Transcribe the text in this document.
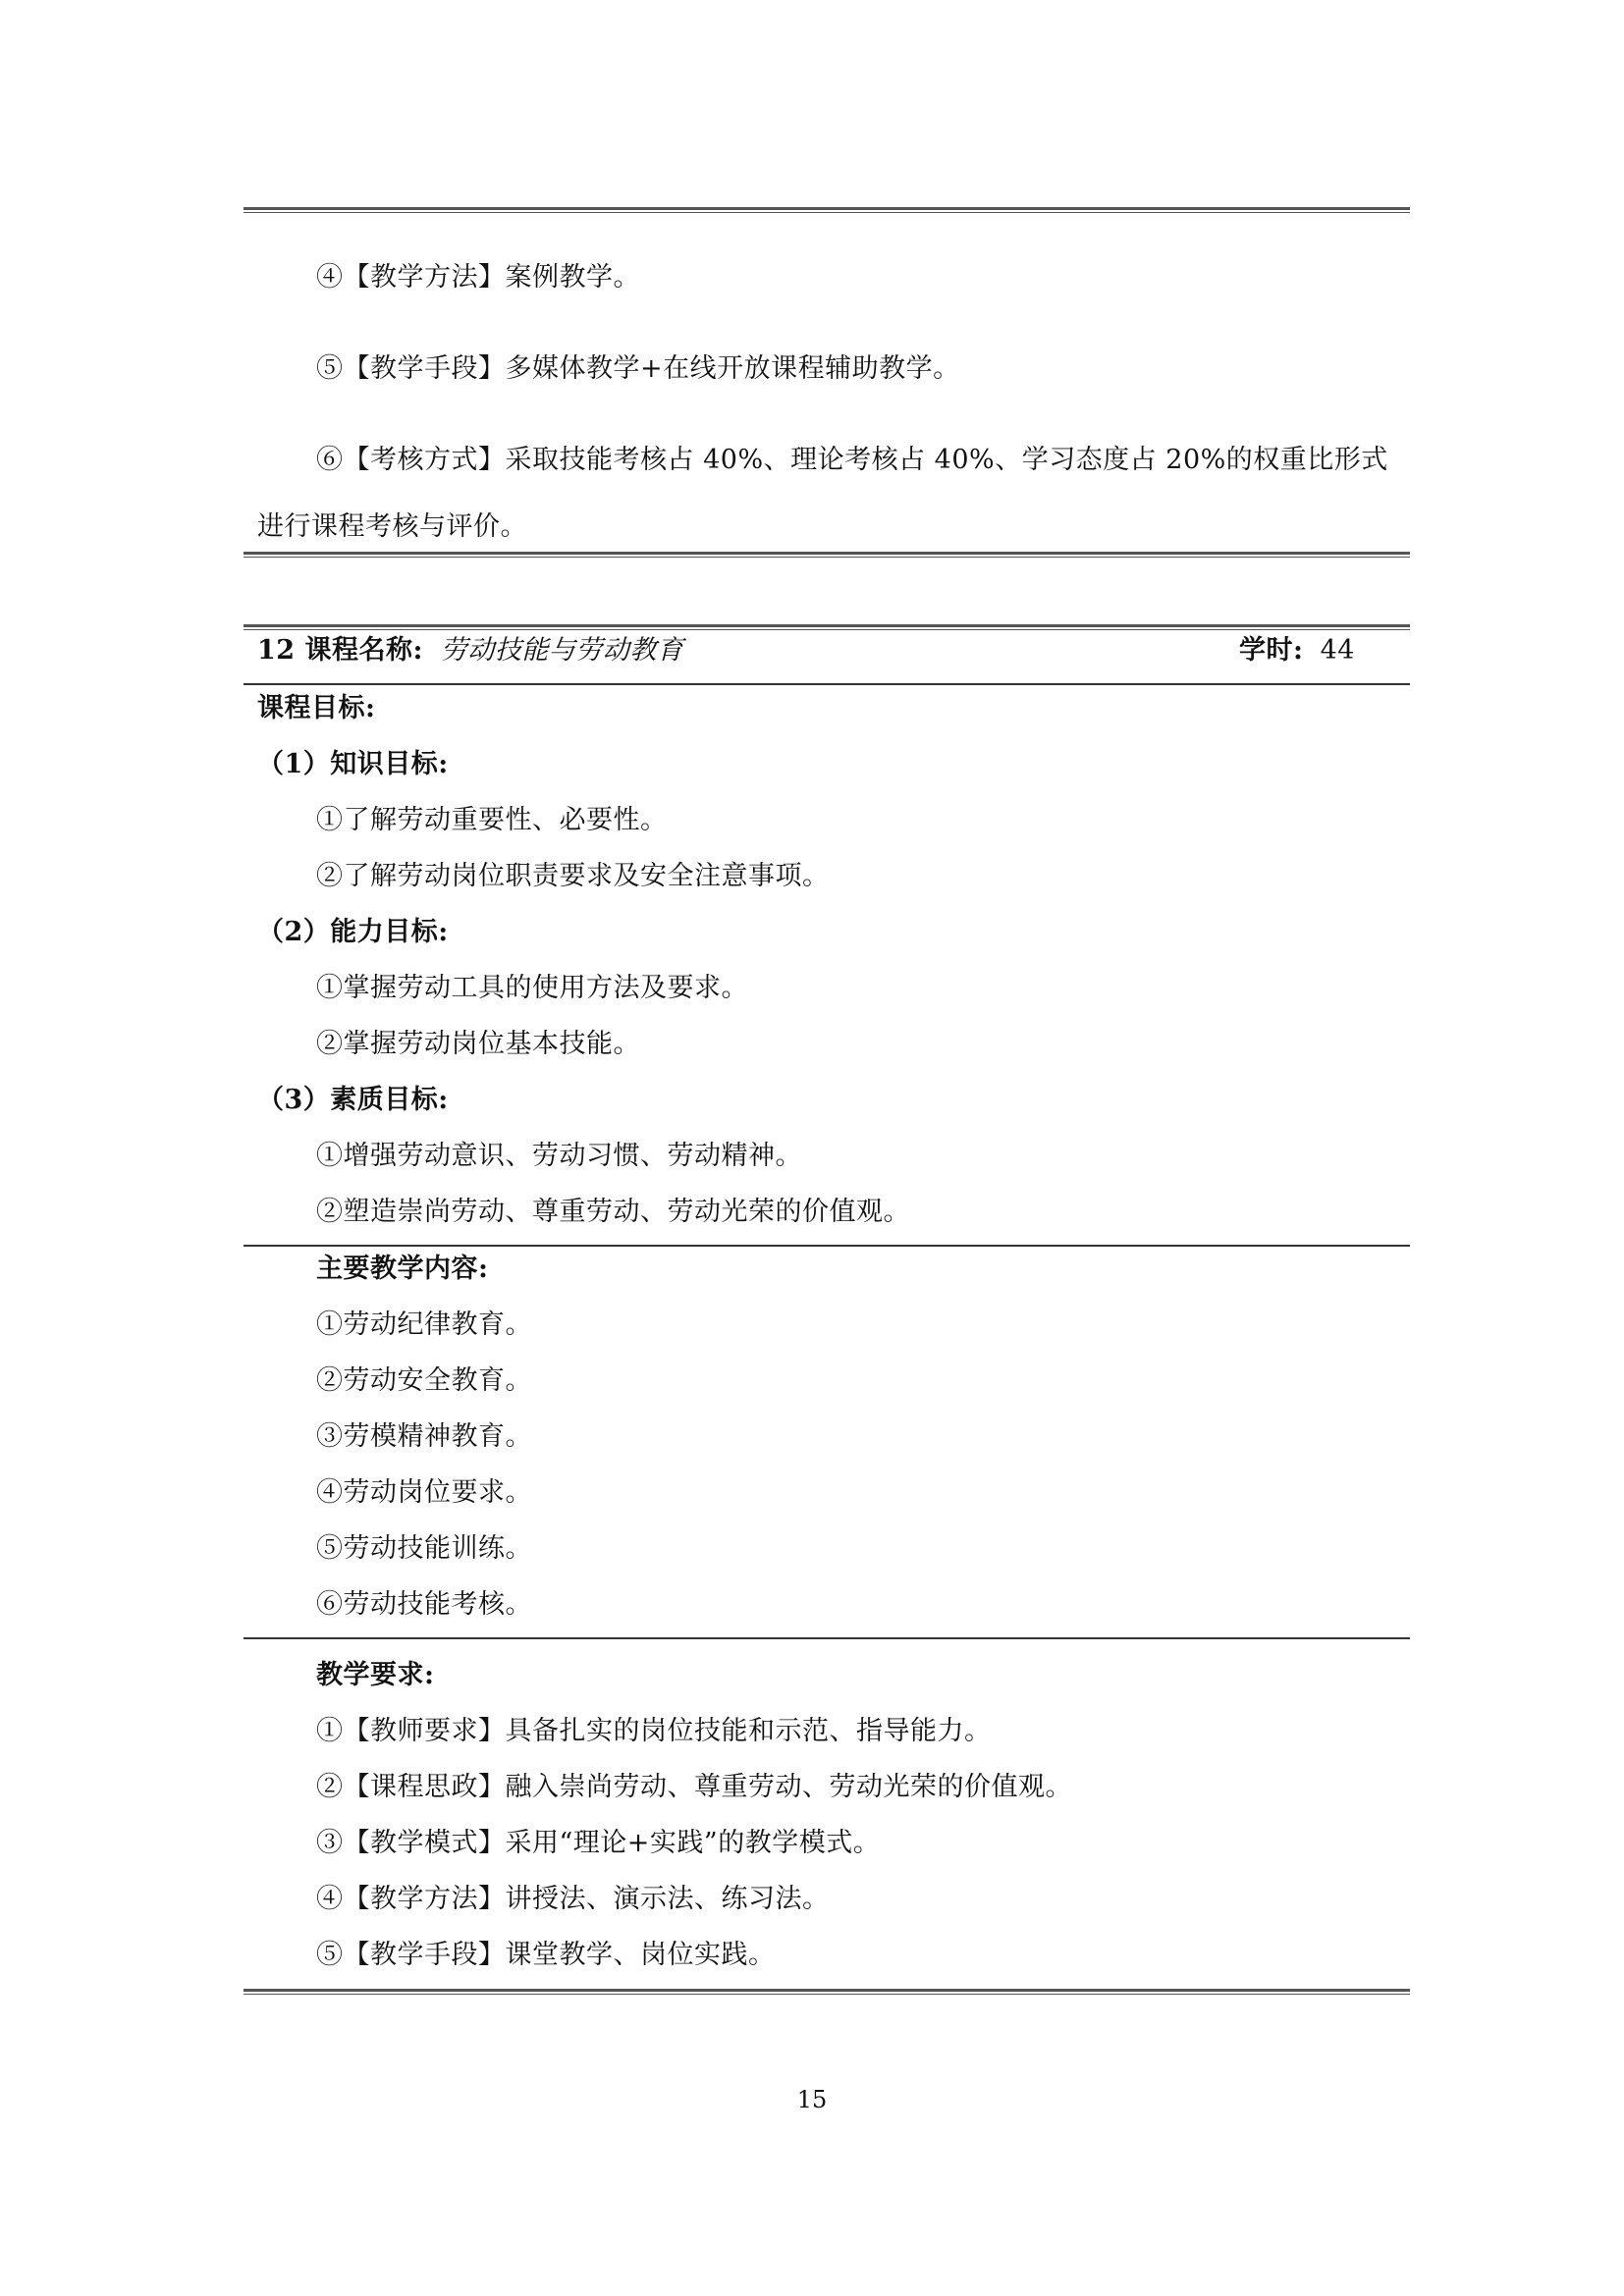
④【教学方法】案例教学。
⑤【教学手段】多媒体教学+在线开放课程辅助教学。
⑥【考核方式】采取技能考核占 40%、理论考核占 40%、学习态度占 20%的权重比形式
进行课程考核与评价。
12 课程名称: 劳动技能与劳动教育	学时: 44
课程目标:
（1）知识目标:
①了解劳动重要性、必要性。
②了解劳动岗位职责要求及安全注意事项。
（2）能力目标:
①掌握劳动工具的使用方法及要求。
②掌握劳动岗位基本技能。
（3）素质目标:
①增强劳动意识、劳动习惯、劳动精神。
②塑造崇尚劳动、尊重劳动、劳动光荣的价值观。
主要教学内容:
①劳动纪律教育。
②劳动安全教育。
③劳模精神教育。
④劳动岗位要求。
⑤劳动技能训练。
⑥劳动技能考核。
教学要求:
①【教师要求】具备扎实的岗位技能和示范、指导能力。
②【课程思政】融入崇尚劳动、尊重劳动、劳动光荣的价值观。
③【教学模式】采用“理论+实践”的教学模式。
④【教学方法】讲授法、演示法、练习法。
⑤【教学手段】课堂教学、岗位实践。
15
